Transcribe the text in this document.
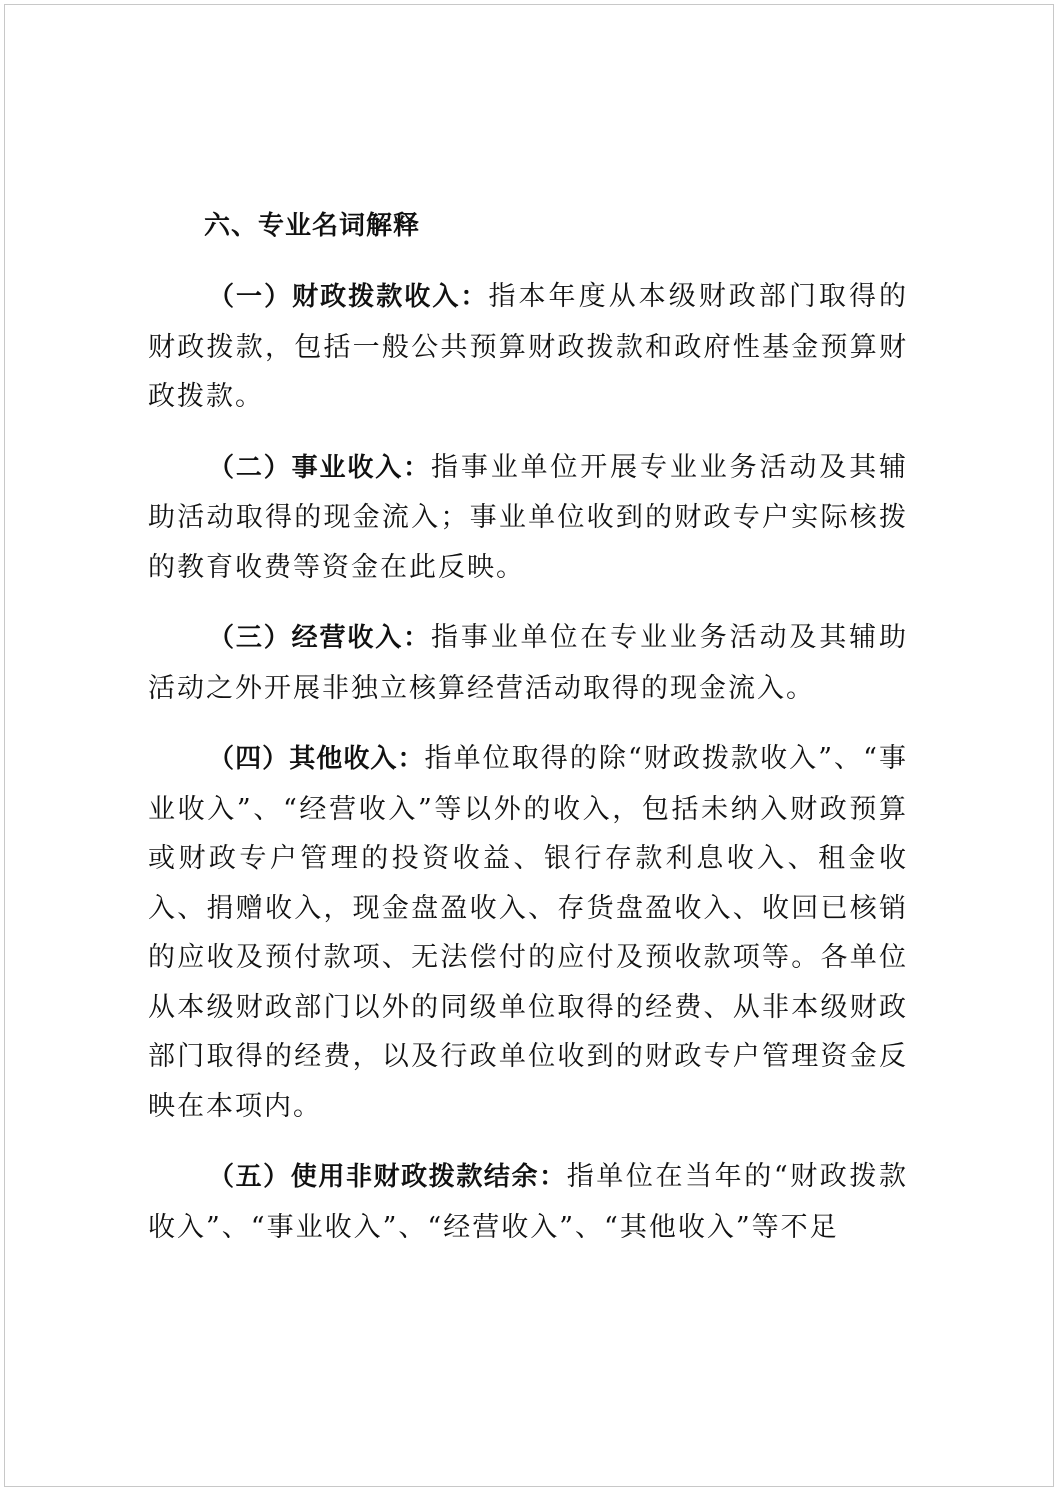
六、专业名词解释

（一）财政拨款收入：指本年度从本级财政部门取得的财政拨款，包括一般公共预算财政拨款和政府性基金预算财政拨款。

（二）事业收入：指事业单位开展专业业务活动及其辅助活动取得的现金流入；事业单位收到的财政专户实际核拨的教育收费等资金在此反映。

（三）经营收入：指事业单位在专业业务活动及其辅助活动之外开展非独立核算经营活动取得的现金流入。

（四）其他收入：指单位取得的除“财政拨款收入”、“事业收入”、“经营收入”等以外的收入，包括未纳入财政预算或财政专户管理的投资收益、银行存款利息收入、租金收入、捐赠收入，现金盘盈收入、存货盘盈收入、收回已核销的应收及预付款项、无法偿付的应付及预收款项等。各单位从本级财政部门以外的同级单位取得的经费、从非本级财政部门取得的经费，以及行政单位收到的财政专户管理资金反映在本项内。

（五）使用非财政拨款结余：指单位在当年的“财政拨款收入”、“事业收入”、“经营收入”、“其他收入”等不足
